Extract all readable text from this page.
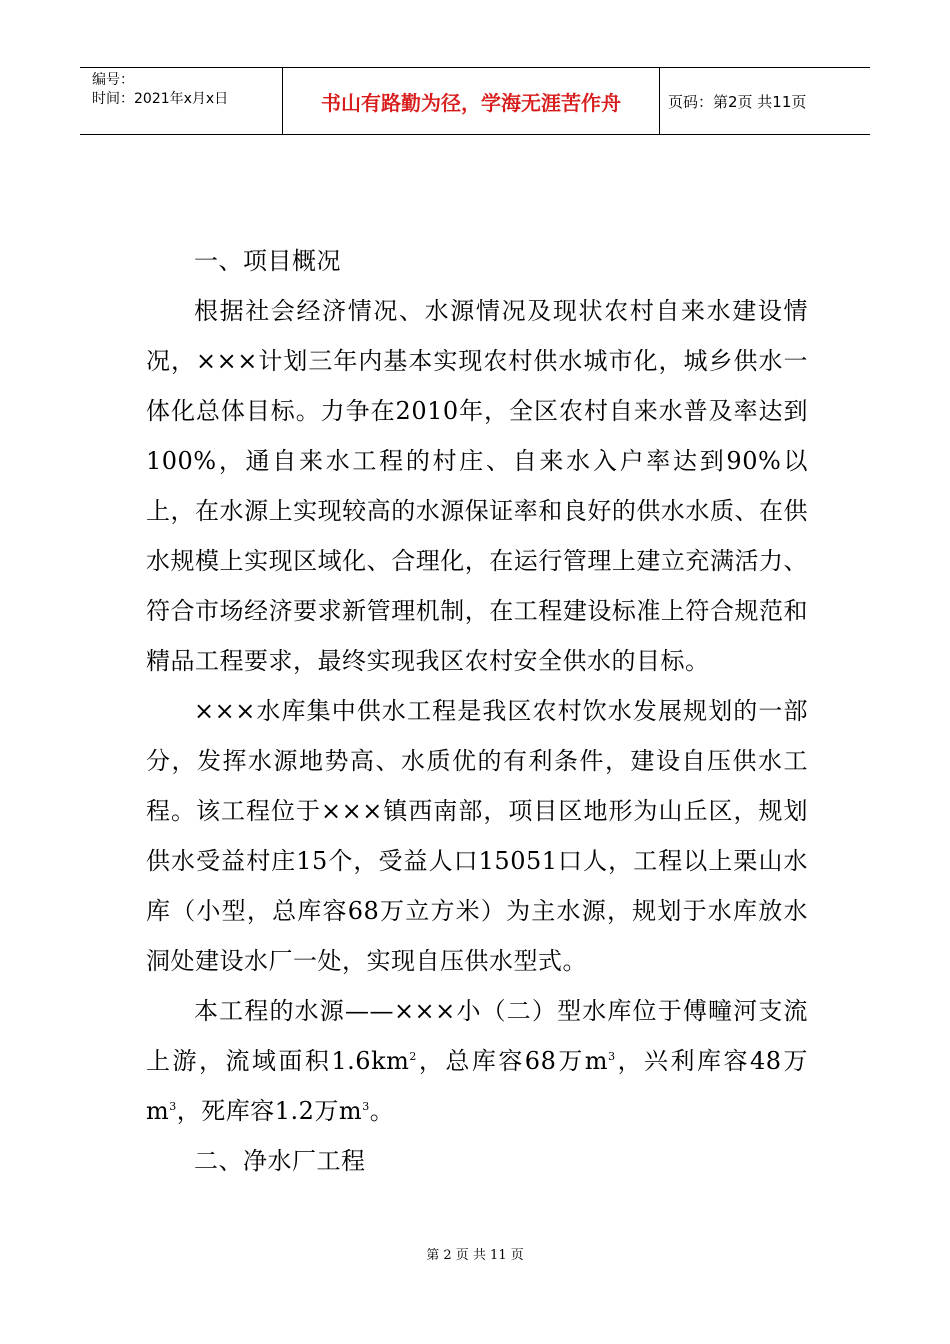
编号：
时间：2021年x月x日	书山有路勤为径，学海无涯苦作舟	页码：第2页 共11页

一、项目概况

根据社会经济情况、水源情况及现状农村自来水建设情况，×××计划三年内基本实现农村供水城市化，城乡供水一体化总体目标。力争在2010年，全区农村自来水普及率达到100%，通自来水工程的村庄、自来水入户率达到90%以上，在水源上实现较高的水源保证率和良好的供水水质、在供水规模上实现区域化、合理化，在运行管理上建立充满活力、符合市场经济要求新管理机制，在工程建设标准上符合规范和精品工程要求，最终实现我区农村安全供水的目标。

×××水库集中供水工程是我区农村饮水发展规划的一部分，发挥水源地势高、水质优的有利条件，建设自压供水工程。该工程位于×××镇西南部，项目区地形为山丘区，规划供水受益村庄15个，受益人口15051口人，工程以上栗山水库（小型，总库容68万立方米）为主水源，规划于水库放水洞处建设水厂一处，实现自压供水型式。

本工程的水源——×××小（二）型水库位于傅疃河支流上游，流域面积$1.6km^2$，总库容68万$m^3$，兴利库容48万$m^3$，死库容1.2万$m^3$。

二、净水厂工程

第 2 页 共 11 页
